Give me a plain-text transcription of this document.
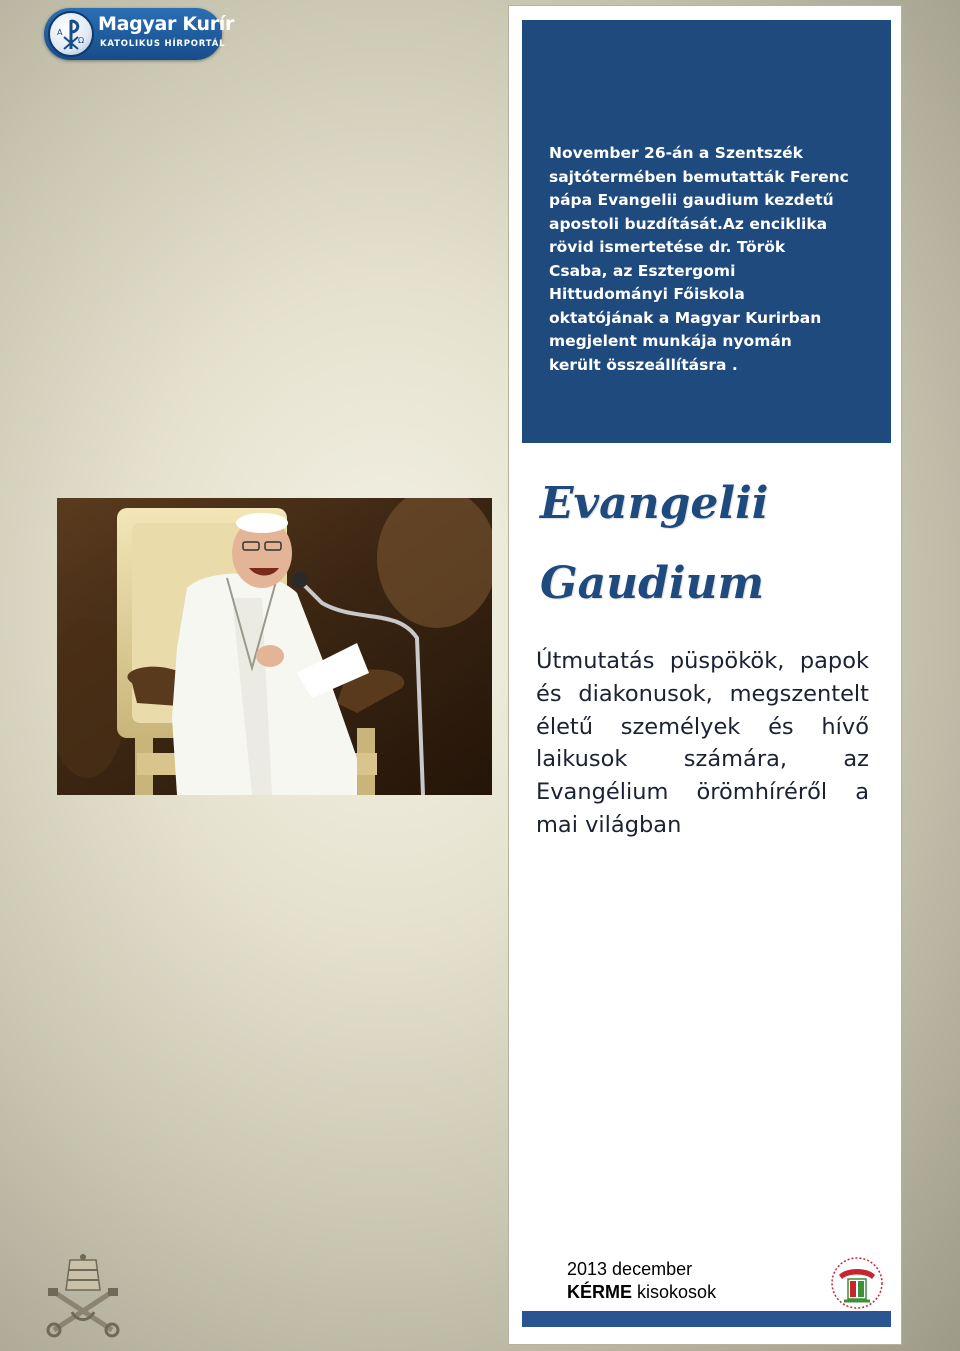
A
Ω
Magyar Kurír
KATOLIKUS HÍRPORTÁL

November 26-án a Szentszék sajtótermében bemutatták Ferenc pápa Evangelii gaudium kezdetű apostoli buzdítását.Az enciklika rövid ismertetése dr. Török Csaba, az Esztergomi Hittudományi Főiskola oktatójának a Magyar Kurirban megjelent munkája nyomán került összeállításra .

Evangelii
Gaudium

Útmutatás püspökök, papok és diakonusok, megszentelt életű személyek és hívő laikusok számára, az Evangélium örömhíréről a mai világban

2013 december
KÉRME kisokosok
